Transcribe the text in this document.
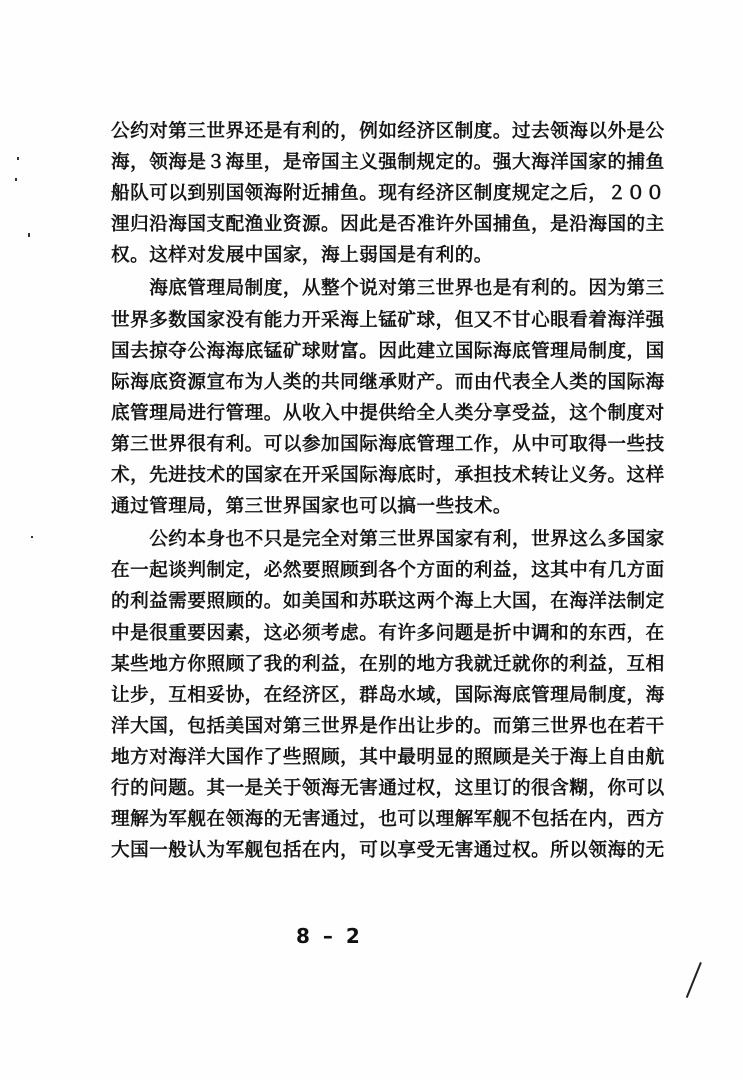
公约对第三世界还是有利的，例如经济区制度。过去领海以外是公
海，领海是３海里，是帝国主义强制规定的。强大海洋国家的捕鱼
船队可以到别国领海附近捕鱼。现有经济区制度规定之后，２００
浬归沿海国支配渔业资源。因此是否准许外国捕鱼，是沿海国的主
权。这样对发展中国家，海上弱国是有利的。

　　海底管理局制度，从整个说对第三世界也是有利的。因为第三
世界多数国家没有能力开采海上锰矿球，但又不甘心眼看着海洋强
国去掠夺公海海底锰矿球财富。因此建立国际海底管理局制度，国
际海底资源宣布为人类的共同继承财产。而由代表全人类的国际海
底管理局进行管理。从收入中提供给全人类分享受益，这个制度对
第三世界很有利。可以参加国际海底管理工作，从中可取得一些技
术，先进技术的国家在开采国际海底时，承担技术转让义务。这样
通过管理局，第三世界国家也可以搞一些技术。

　　公约本身也不只是完全对第三世界国家有利，世界这么多国家
在一起谈判制定，必然要照顾到各个方面的利益，这其中有几方面
的利益需要照顾的。如美国和苏联这两个海上大国，在海洋法制定
中是很重要因素，这必须考虑。有许多问题是折中调和的东西，在
某些地方你照顾了我的利益，在别的地方我就迁就你的利益，互相
让步，互相妥协，在经济区，群岛水域，国际海底管理局制度，海
洋大国，包括美国对第三世界是作出让步的。而第三世界也在若干
地方对海洋大国作了些照顾，其中最明显的照顾是关于海上自由航
行的问题。其一是关于领海无害通过权，这里订的很含糊，你可以
理解为军舰在领海的无害通过，也可以理解军舰不包括在内，西方
大国一般认为军舰包括在内，可以享受无害通过权。所以领海的无

8 – 2
